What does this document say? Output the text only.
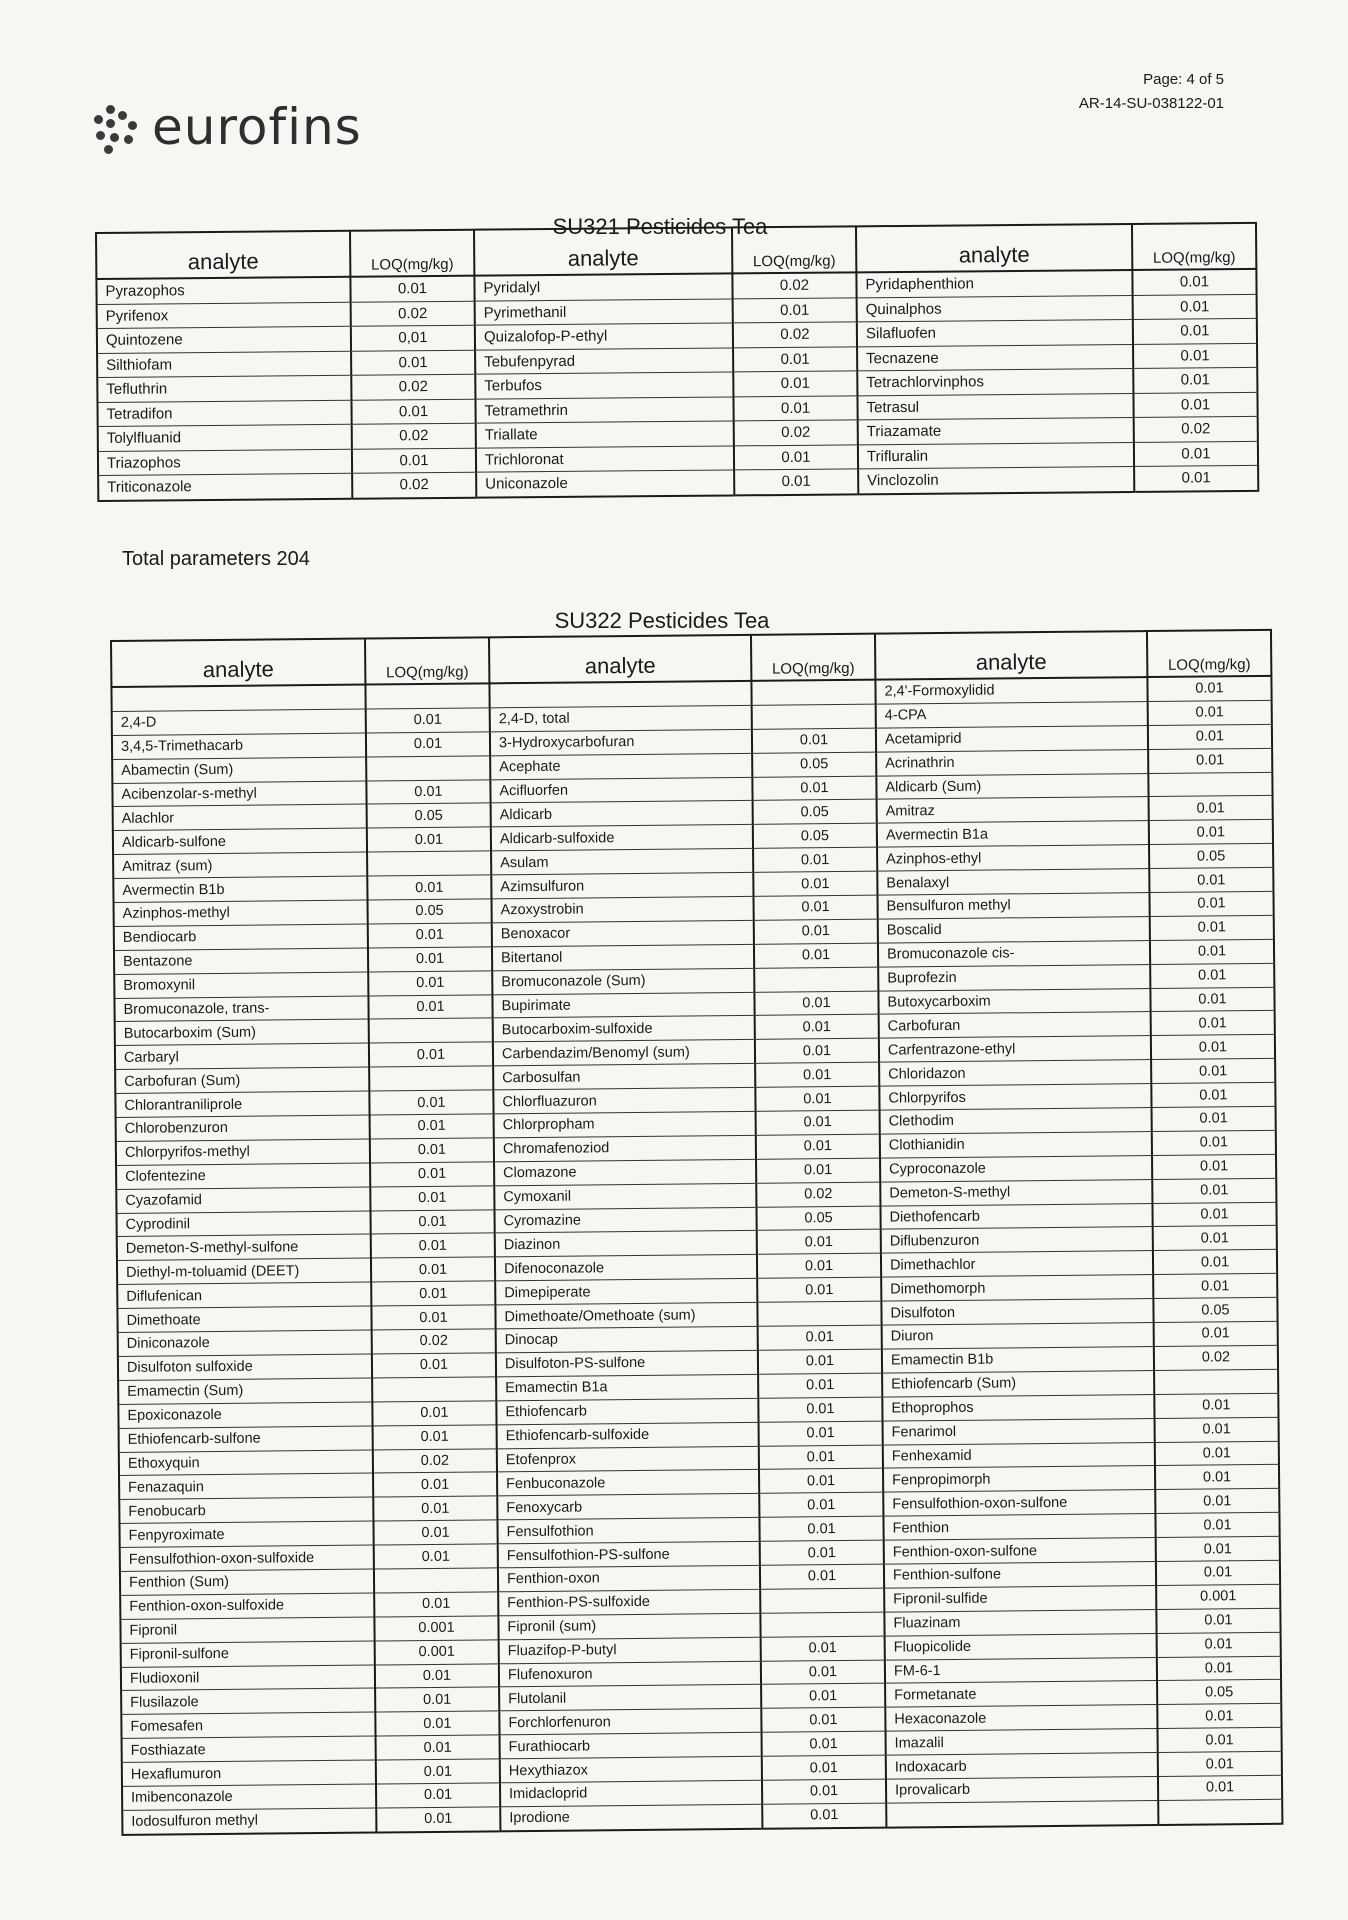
eurofins
Page: 4 of 5
AR-14-SU-038122-01
SU321 Pesticides Tea
analyte	LOQ(mg/kg)	analyte	LOQ(mg/kg)	analyte	LOQ(mg/kg)
Pyrazophos	0.01	Pyridalyl	0.02	Pyridaphenthion	0.01
Pyrifenox	0.02	Pyrimethanil	0.01	Quinalphos	0.01
Quintozene	0,01	Quizalofop-P-ethyl	0.02	Silafluofen	0.01
Silthiofam	0.01	Tebufenpyrad	0.01	Tecnazene	0.01
Tefluthrin	0.02	Terbufos	0.01	Tetrachlorvinphos	0.01
Tetradifon	0.01	Tetramethrin	0.01	Tetrasul	0.01
Tolylfluanid	0.02	Triallate	0.02	Triazamate	0.02
Triazophos	0.01	Trichloronat	0.01	Trifluralin	0.01
Triticonazole	0.02	Uniconazole	0.01	Vinclozolin	0.01
Total parameters 204
SU322 Pesticides Tea
analyte	LOQ(mg/kg)	analyte	LOQ(mg/kg)	analyte	LOQ(mg/kg)
				2,4'-Formoxylidid	0.01
2,4-D	0.01	2,4-D, total		4-CPA	0.01
3,4,5-Trimethacarb	0.01	3-Hydroxycarbofuran	0.01	Acetamiprid	0.01
Abamectin (Sum)		Acephate	0.05	Acrinathrin	0.01
Acibenzolar-s-methyl	0.01	Acifluorfen	0.01	Aldicarb (Sum)	
Alachlor	0.05	Aldicarb	0.05	Amitraz	0.01
Aldicarb-sulfone	0.01	Aldicarb-sulfoxide	0.05	Avermectin B1a	0.01
Amitraz (sum)		Asulam	0.01	Azinphos-ethyl	0.05
Avermectin B1b	0.01	Azimsulfuron	0.01	Benalaxyl	0.01
Azinphos-methyl	0.05	Azoxystrobin	0.01	Bensulfuron methyl	0.01
Bendiocarb	0.01	Benoxacor	0.01	Boscalid	0.01
Bentazone	0.01	Bitertanol	0.01	Bromuconazole cis-	0.01
Bromoxynil	0.01	Bromuconazole (Sum)		Buprofezin	0.01
Bromuconazole, trans-	0.01	Bupirimate	0.01	Butoxycarboxim	0.01
Butocarboxim (Sum)		Butocarboxim-sulfoxide	0.01	Carbofuran	0.01
Carbaryl	0.01	Carbendazim/Benomyl (sum)	0.01	Carfentrazone-ethyl	0.01
Carbofuran (Sum)		Carbosulfan	0.01	Chloridazon	0.01
Chlorantraniliprole	0.01	Chlorfluazuron	0.01	Chlorpyrifos	0.01
Chlorobenzuron	0.01	Chlorpropham	0.01	Clethodim	0.01
Chlorpyrifos-methyl	0.01	Chromafenoziod	0.01	Clothianidin	0.01
Clofentezine	0.01	Clomazone	0.01	Cyproconazole	0.01
Cyazofamid	0.01	Cymoxanil	0.02	Demeton-S-methyl	0.01
Cyprodinil	0.01	Cyromazine	0.05	Diethofencarb	0.01
Demeton-S-methyl-sulfone	0.01	Diazinon	0.01	Diflubenzuron	0.01
Diethyl-m-toluamid (DEET)	0.01	Difenoconazole	0.01	Dimethachlor	0.01
Diflufenican	0.01	Dimepiperate	0.01	Dimethomorph	0.01
Dimethoate	0.01	Dimethoate/Omethoate (sum)		Disulfoton	0.05
Diniconazole	0.02	Dinocap	0.01	Diuron	0.01
Disulfoton sulfoxide	0.01	Disulfoton-PS-sulfone	0.01	Emamectin B1b	0.02
Emamectin (Sum)		Emamectin B1a	0.01	Ethiofencarb (Sum)	
Epoxiconazole	0.01	Ethiofencarb	0.01	Ethoprophos	0.01
Ethiofencarb-sulfone	0.01	Ethiofencarb-sulfoxide	0.01	Fenarimol	0.01
Ethoxyquin	0.02	Etofenprox	0.01	Fenhexamid	0.01
Fenazaquin	0.01	Fenbuconazole	0.01	Fenpropimorph	0.01
Fenobucarb	0.01	Fenoxycarb	0.01	Fensulfothion-oxon-sulfone	0.01
Fenpyroximate	0.01	Fensulfothion	0.01	Fenthion	0.01
Fensulfothion-oxon-sulfoxide	0.01	Fensulfothion-PS-sulfone	0.01	Fenthion-oxon-sulfone	0.01
Fenthion (Sum)		Fenthion-oxon	0.01	Fenthion-sulfone	0.01
Fenthion-oxon-sulfoxide	0.01	Fenthion-PS-sulfoxide		Fipronil-sulfide	0.001
Fipronil	0.001	Fipronil (sum)		Fluazinam	0.01
Fipronil-sulfone	0.001	Fluazifop-P-butyl	0.01	Fluopicolide	0.01
Fludioxonil	0.01	Flufenoxuron	0.01	FM-6-1	0.01
Flusilazole	0.01	Flutolanil	0.01	Formetanate	0.05
Fomesafen	0.01	Forchlorfenuron	0.01	Hexaconazole	0.01
Fosthiazate	0.01	Furathiocarb	0.01	Imazalil	0.01
Hexaflumuron	0.01	Hexythiazox	0.01	Indoxacarb	0.01
Imibenconazole	0.01	Imidacloprid	0.01	Iprovalicarb	0.01
Iodosulfuron methyl	0.01	Iprodione	0.01		
